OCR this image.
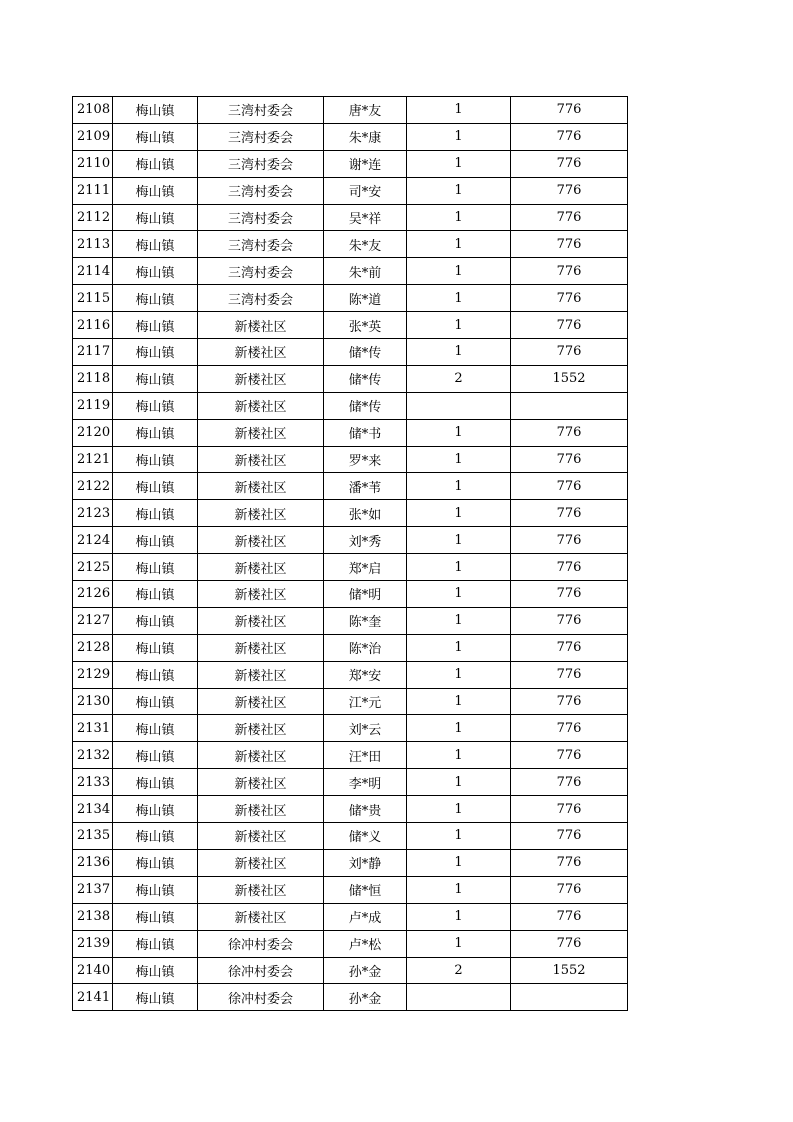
2108	梅山镇	三湾村委会	唐*友	1	776
2109	梅山镇	三湾村委会	朱*康	1	776
2110	梅山镇	三湾村委会	谢*连	1	776
2111	梅山镇	三湾村委会	司*安	1	776
2112	梅山镇	三湾村委会	吴*祥	1	776
2113	梅山镇	三湾村委会	朱*友	1	776
2114	梅山镇	三湾村委会	朱*前	1	776
2115	梅山镇	三湾村委会	陈*道	1	776
2116	梅山镇	新楼社区	张*英	1	776
2117	梅山镇	新楼社区	储*传	1	776
2118	梅山镇	新楼社区	储*传	2	1552
2119	梅山镇	新楼社区	储*传		
2120	梅山镇	新楼社区	储*书	1	776
2121	梅山镇	新楼社区	罗*来	1	776
2122	梅山镇	新楼社区	潘*苇	1	776
2123	梅山镇	新楼社区	张*如	1	776
2124	梅山镇	新楼社区	刘*秀	1	776
2125	梅山镇	新楼社区	郑*启	1	776
2126	梅山镇	新楼社区	储*明	1	776
2127	梅山镇	新楼社区	陈*奎	1	776
2128	梅山镇	新楼社区	陈*治	1	776
2129	梅山镇	新楼社区	郑*安	1	776
2130	梅山镇	新楼社区	江*元	1	776
2131	梅山镇	新楼社区	刘*云	1	776
2132	梅山镇	新楼社区	汪*田	1	776
2133	梅山镇	新楼社区	李*明	1	776
2134	梅山镇	新楼社区	储*贵	1	776
2135	梅山镇	新楼社区	储*义	1	776
2136	梅山镇	新楼社区	刘*静	1	776
2137	梅山镇	新楼社区	储*恒	1	776
2138	梅山镇	新楼社区	卢*成	1	776
2139	梅山镇	徐冲村委会	卢*松	1	776
2140	梅山镇	徐冲村委会	孙*金	2	1552
2141	梅山镇	徐冲村委会	孙*金		
